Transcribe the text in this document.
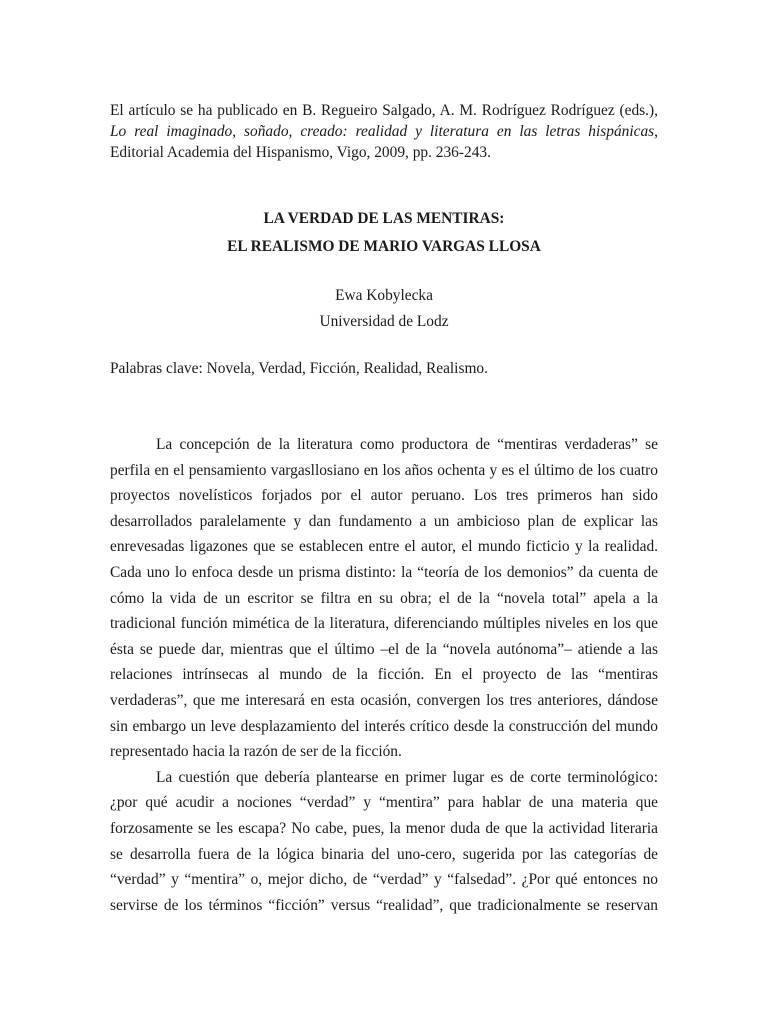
El artículo se ha publicado en B. Regueiro Salgado, A. M. Rodríguez Rodríguez (eds.),
Lo real imaginado, soñado, creado: realidad y literatura en las letras hispánicas,
Editorial Academia del Hispanismo, Vigo, 2009, pp. 236-243.
LA VERDAD DE LAS MENTIRAS:
EL REALISMO DE MARIO VARGAS LLOSA
Ewa Kobylecka
Universidad de Lodz
Palabras clave: Novela, Verdad, Ficción, Realidad, Realismo.
La concepción de la literatura como productora de “mentiras verdaderas” se
perfila en el pensamiento vargasllosiano en los años ochenta y es el último de los cuatro
proyectos novelísticos forjados por el autor peruano. Los tres primeros han sido
desarrollados paralelamente y dan fundamento a un ambicioso plan de explicar las
enrevesadas ligazones que se establecen entre el autor, el mundo ficticio y la realidad.
Cada uno lo enfoca desde un prisma distinto: la “teoría de los demonios” da cuenta de
cómo la vida de un escritor se filtra en su obra; el de la “novela total” apela a la
tradicional función mimética de la literatura, diferenciando múltiples niveles en los que
ésta se puede dar, mientras que el último –el de la “novela autónoma”– atiende a las
relaciones intrínsecas al mundo de la ficción. En el proyecto de las “mentiras
verdaderas”, que me interesará en esta ocasión, convergen los tres anteriores, dándose
sin embargo un leve desplazamiento del interés crítico desde la construcción del mundo
representado hacia la razón de ser de la ficción.
La cuestión que debería plantearse en primer lugar es de corte terminológico:
¿por qué acudir a nociones “verdad” y “mentira” para hablar de una materia que
forzosamente se les escapa? No cabe, pues, la menor duda de que la actividad literaria
se desarrolla fuera de la lógica binaria del uno-cero, sugerida por las categorías de
“verdad” y “mentira” o, mejor dicho, de “verdad” y “falsedad”. ¿Por qué entonces no
servirse de los términos “ficción” versus “realidad”, que tradicionalmente se reservan
